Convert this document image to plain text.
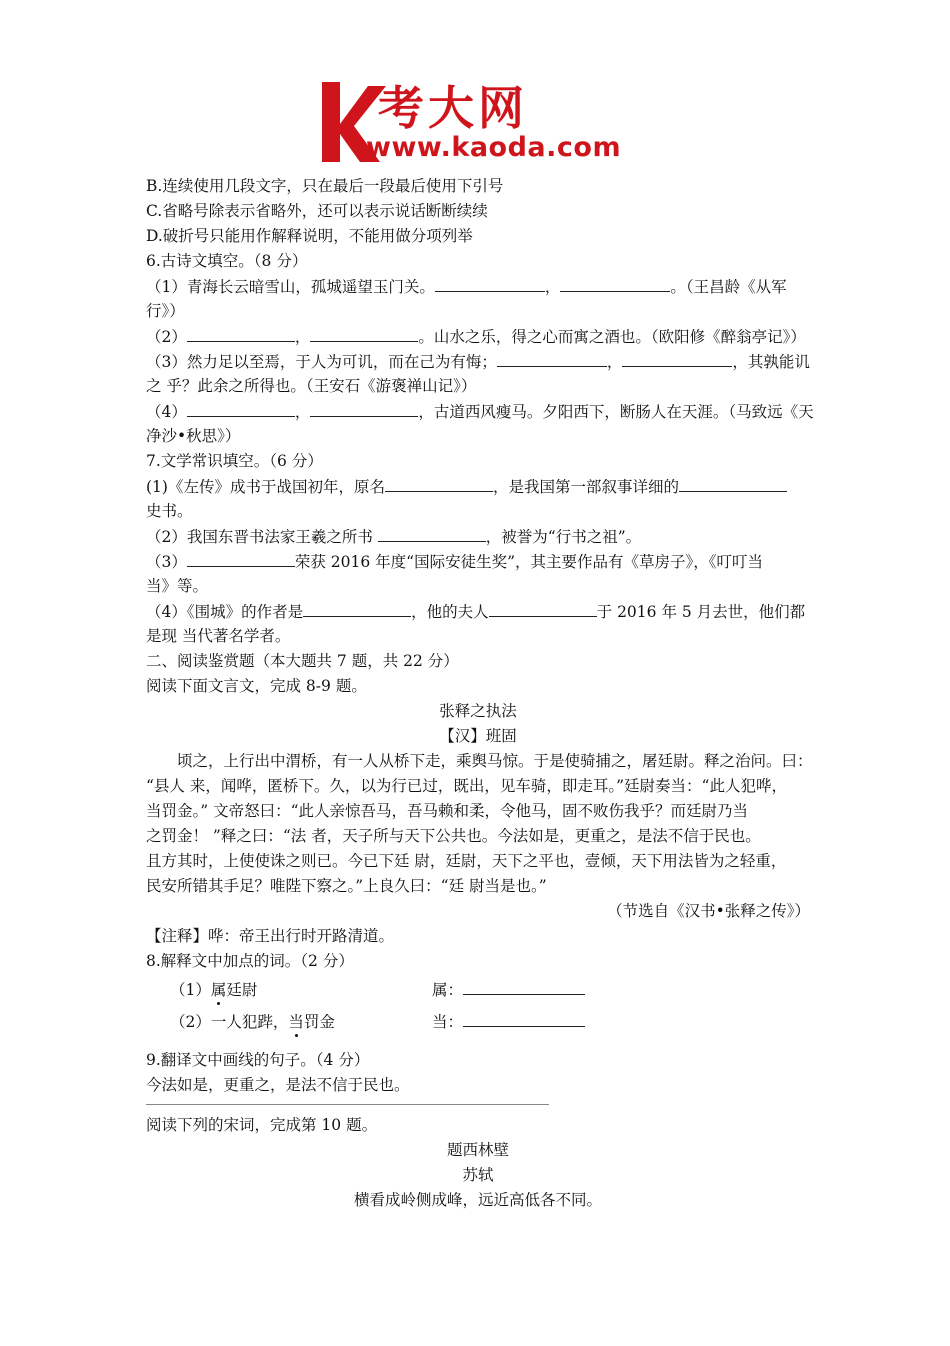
考大网
www.kaoda.com
B.连续使用几段文字，只在最后一段最后使用下引号
C.省略号除表示省略外，还可以表示说话断断续续
D.破折号只能用作解释说明，不能用做分项列举
6.古诗文填空。（8 分）
（1）青海长云暗雪山，孤城遥望玉门关。	，	。（王昌龄《从军
行》）
（2）	，	。山水之乐，得之心而寓之酒也。（欧阳修《醉翁亭记》）
（3）然力足以至焉，于人为可讥，而在己为有悔；	，	，其孰能讥
之 乎？此余之所得也。（王安石《游褒禅山记》）
（4）	，	，古道西风瘦马。夕阳西下，断肠人在天涯。（马致远《天
净沙•秋思》）
7.文学常识填空。（6 分）
(1)《左传》成书于战国初年，原名	，是我国第一部叙事详细的
史书。
（2）我国东晋书法家王羲之所书	，被誉为“行书之祖”。
（3）	荣获 2016 年度“国际安徒生奖”，其主要作品有《草房子》，《叮叮当
当》等。
（4）《围城》的作者是	，他的夫人	于 2016 年 5 月去世，他们都
是现 当代著名学者。
二、阅读鉴赏题（本大题共 7 题，共 22 分）
阅读下面文言文，完成 8-9 题。
张释之执法
【汉】班固
顷之，上行出中渭桥，有一人从桥下走，乘舆马惊。于是使骑捕之，屠廷尉。释之治问。曰：
“县人 来，闻哗，匿桥下。久，以为行已过，既出，见车骑，即走耳。”廷尉奏当：“此人犯哗，
当罚金。” 文帝怒曰：“此人亲惊吾马，吾马赖和柔，令他马，固不败伤我乎？而廷尉乃当
之罚金！ ”释之曰：“法 者，天子所与天下公共也。今法如是，更重之，是法不信于民也。
且方其时，上使使诛之则已。今已下廷 尉，廷尉，天下之平也，壹倾，天下用法皆为之轻重，
民安所错其手足？唯陛下察之。”上良久曰：“廷 尉当是也。”
（节选自《汉书•张释之传》）
【注释】哗：帝王出行时开路清道。
8.解释文中加点的词。（2 分）
（1）属廷尉	属：
（2）一人犯跸，当罚金	当：
9.翻译文中画线的句子。（4 分）
今法如是，更重之，是法不信于民也。
阅读下列的宋词，完成第 10 题。
题西林壁
苏轼
横看成岭侧成峰，远近高低各不同。
